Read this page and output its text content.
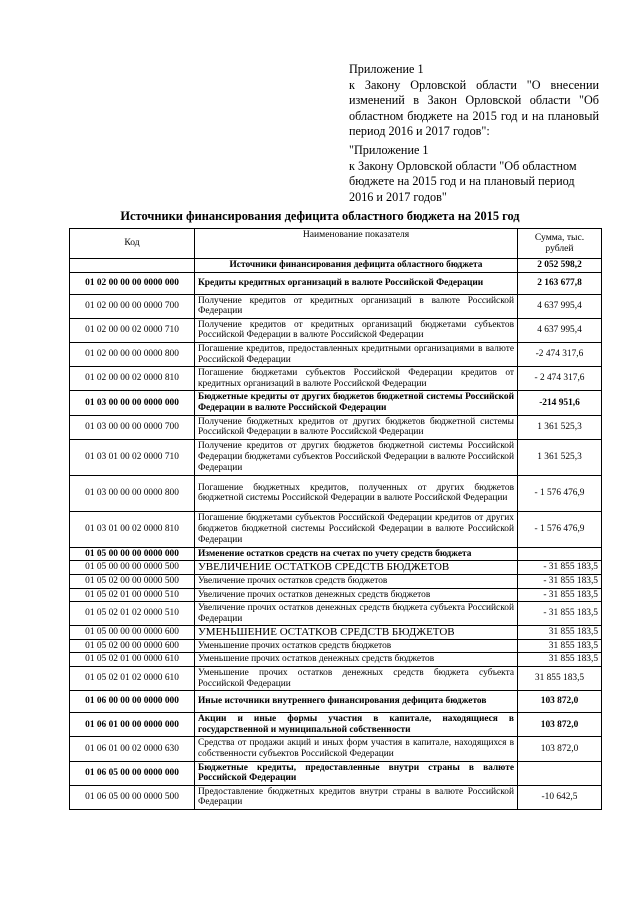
Приложение 1

к Закону Орловской области "О внесении изменений в Закон Орловской области "Об областном бюджете на 2015 год и на плановый период 2016 и 2017 годов":

"Приложение 1

к Закону Орловской области "Об областном бюджете на 2015 год и на плановый период 2016 и 2017 годов"

Источники финансирования дефицита областного бюджета на 2015 год
Код	Наименование показателя	Сумма, тыс. рублей
	Источники финансирования дефицита областного бюджета	2 052 598,2
01 02 00 00 00 0000 000	Кредиты кредитных организаций в валюте Российской Федерации	2 163 677,8
01 02 00 00 00 0000 700	Получение кредитов от кредитных организаций в валюте Российской Федерации	4 637 995,4
01 02 00 00 02 0000 710	Получение кредитов от кредитных организаций бюджетами субъектов Российской Федерации в валюте Российской Федерации	4 637 995,4
01 02 00 00 00 0000 800	Погашение кредитов, предоставленных кредитными организациями в валюте Российской Федерации	-2 474 317,6
01 02 00 00 02 0000 810	Погашение бюджетами субъектов Российской Федерации кредитов от кредитных организаций в валюте Российской Федерации	- 2 474 317,6
01 03 00 00 00 0000 000	Бюджетные кредиты от других бюджетов бюджетной системы Российской Федерации в валюте Российской Федерации	-214 951,6
01 03 00 00 00 0000 700	Получение бюджетных кредитов от других бюджетов бюджетной системы Российской Федерации в валюте Российской Федерации	1 361 525,3
01 03 01 00 02 0000 710	Получение кредитов от других бюджетов бюджетной системы Российской Федерации бюджетами субъектов Российской Федерации в валюте Российской Федерации	1 361 525,3
01 03 00 00 00 0000 800	Погашение бюджетных кредитов, полученных от других бюджетов бюджетной системы Российской Федерации в валюте Российской Федерации	- 1 576 476,9
01 03 01 00 02 0000 810	Погашение бюджетами субъектов Российской Федерации кредитов от других бюджетов бюджетной системы Российской Федерации в валюте Российской Федерации	- 1 576 476,9
01 05 00 00 00 0000 000	Изменение остатков средств на счетах по учету средств бюджета	
01 05 00 00 00 0000 500	УВЕЛИЧЕНИЕ ОСТАТКОВ СРЕДСТВ БЮДЖЕТОВ	- 31 855 183,5
01 05 02 00 00 0000 500	Увеличение прочих остатков средств бюджетов	- 31 855 183,5
01 05 02 01 00 0000 510	Увеличение прочих остатков денежных средств бюджетов	- 31 855 183,5
01 05 02 01 02 0000 510	Увеличение прочих остатков денежных средств бюджета субъекта Российской Федерации	- 31 855 183,5
01 05 00 00 00 0000 600	УМЕНЬШЕНИЕ ОСТАТКОВ СРЕДСТВ БЮДЖЕТОВ	31 855 183,5
01 05 02 00 00 0000 600	Уменьшение прочих остатков средств бюджетов	31 855 183,5
01 05 02 01 00 0000 610	Уменьшение прочих остатков денежных средств бюджетов	31 855 183,5
01 05 02 01 02 0000 610	Уменьшение прочих остатков денежных средств бюджета субъекта Российской Федерации	31 855 183,5
01 06 00 00 00 0000 000	Иные источники внутреннего финансирования дефицита бюджетов	103 872,0
01 06 01 00 00 0000 000	Акции и иные формы участия в капитале, находящиеся в государственной и муниципальной собственности	103 872,0
01 06 01 00 02 0000 630	Средства от продажи акций и иных форм участия в капитале, находящихся в собственности субъектов Российской Федерации	103 872,0
01 06 05 00 00 0000 000	Бюджетные кредиты, предоставленные внутри страны в валюте Российской Федерации	
01 06 05 00 00 0000 500	Предоставление бюджетных кредитов внутри страны в валюте Российской Федерации	-10 642,5
